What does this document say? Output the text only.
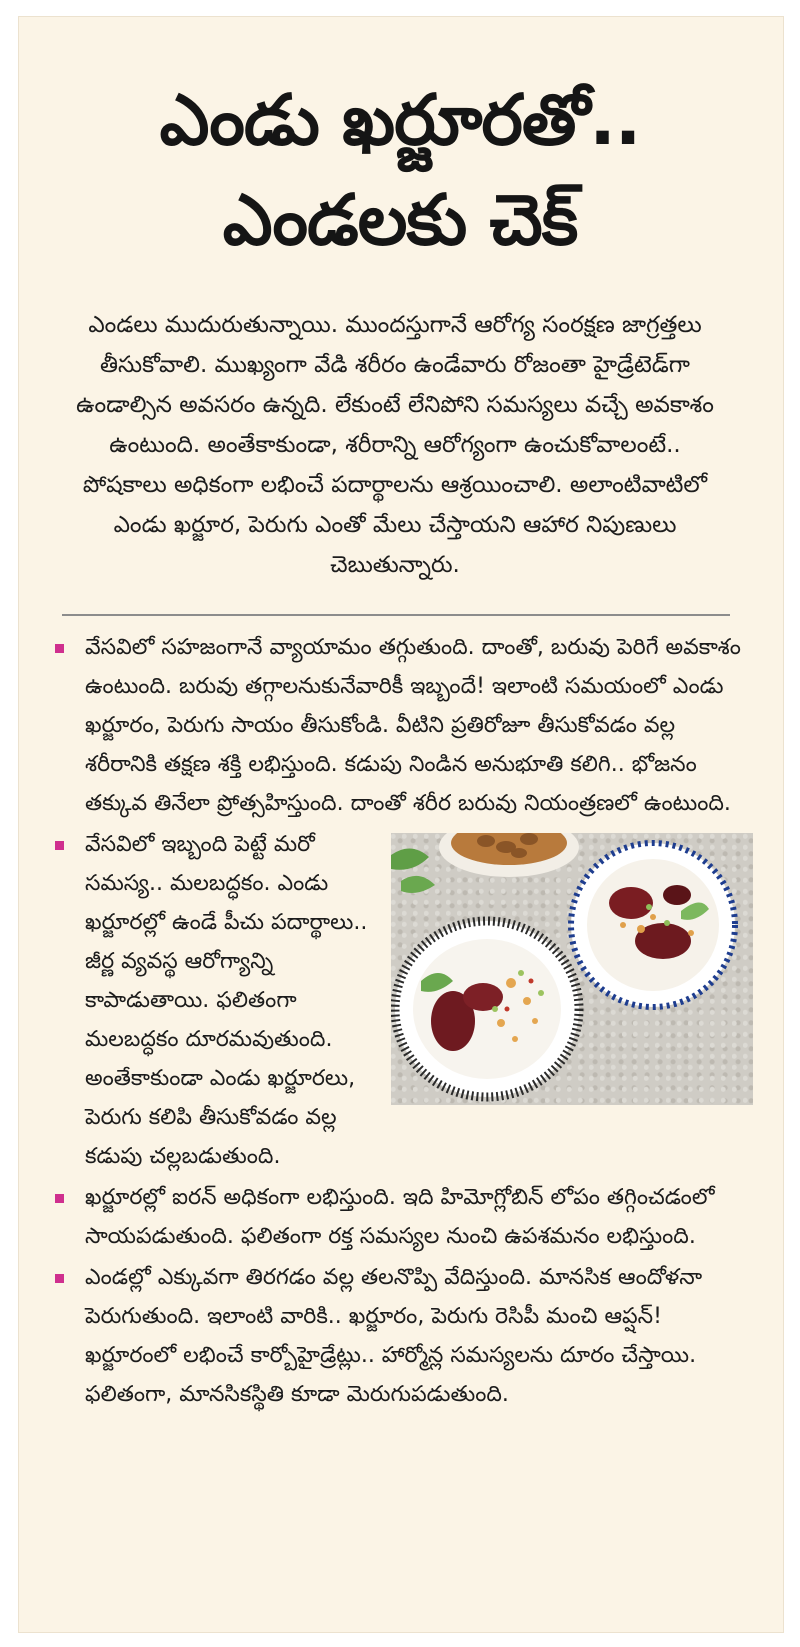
ఎండు ఖర్జూరతో..
ఎండలకు చెక్
ఎండలు ముదురుతున్నాయి. ముందస్తుగానే ఆరోగ్య సంరక్షణ జాగ్రత్తలు తీసుకోవాలి. ముఖ్యంగా వేడి శరీరం ఉండేవారు రోజంతా హైడ్రేటెడ్‌గా ఉండాల్సిన అవసరం ఉన్నది. లేకుంటే లేనిపోని సమస్యలు వచ్చే అవకాశం ఉంటుంది. అంతేకాకుండా, శరీరాన్ని ఆరోగ్యంగా ఉంచుకోవాలంటే.. పోషకాలు అధికంగా లభించే పదార్థాలను ఆశ్రయించాలి. అలాంటివాటిలో ఎండు ఖర్జూర, పెరుగు ఎంతో మేలు చేస్తాయని ఆహార నిపుణులు చెబుతున్నారు.
వేసవిలో సహజంగానే వ్యాయామం తగ్గుతుంది. దాంతో, బరువు పెరిగే అవకాశం ఉంటుంది. బరువు తగ్గాలనుకునేవారికీ ఇబ్బందే! ఇలాంటి సమయంలో ఎండు ఖర్జూరం, పెరుగు సాయం తీసుకోండి. వీటిని ప్రతిరోజూ తీసుకోవడం వల్ల శరీరానికి తక్షణ శక్తి లభిస్తుంది. కడుపు నిండిన అనుభూతి కలిగి.. భోజనం తక్కువ తినేలా ప్రోత్సహిస్తుంది. దాంతో శరీర బరువు నియంత్రణలో ఉంటుంది.
వేసవిలో ఇబ్బంది పెట్టే మరో సమస్య.. మలబద్ధకం. ఎండు ఖర్జూరల్లో ఉండే పీచు పదార్థాలు.. జీర్ణ వ్యవస్థ ఆరోగ్యాన్ని కాపాడుతాయి. ఫలితంగా మలబద్ధకం దూరమవుతుంది. అంతేకాకుండా ఎండు ఖర్జూరలు, పెరుగు కలిపి తీసుకోవడం వల్ల కడుపు చల్లబడుతుంది.
ఖర్జూరల్లో ఐరన్ అధికంగా లభిస్తుంది. ఇది హిమోగ్లోబిన్ లోపం తగ్గించడంలో సాయపడుతుంది. ఫలితంగా రక్త సమస్యల నుంచి ఉపశమనం లభిస్తుంది.
ఎండల్లో ఎక్కువగా తిరగడం వల్ల తలనొప్పి వేదిస్తుంది. మానసిక ఆందోళనా పెరుగుతుంది. ఇలాంటి వారికి.. ఖర్జూరం, పెరుగు రెసిపీ మంచి ఆప్షన్! ఖర్జూరంలో లభించే కార్బోహైడ్రేట్లు.. హార్మోన్ల సమస్యలను దూరం చేస్తాయి. ఫలితంగా, మానసికస్థితి కూడా మెరుగుపడుతుంది.
